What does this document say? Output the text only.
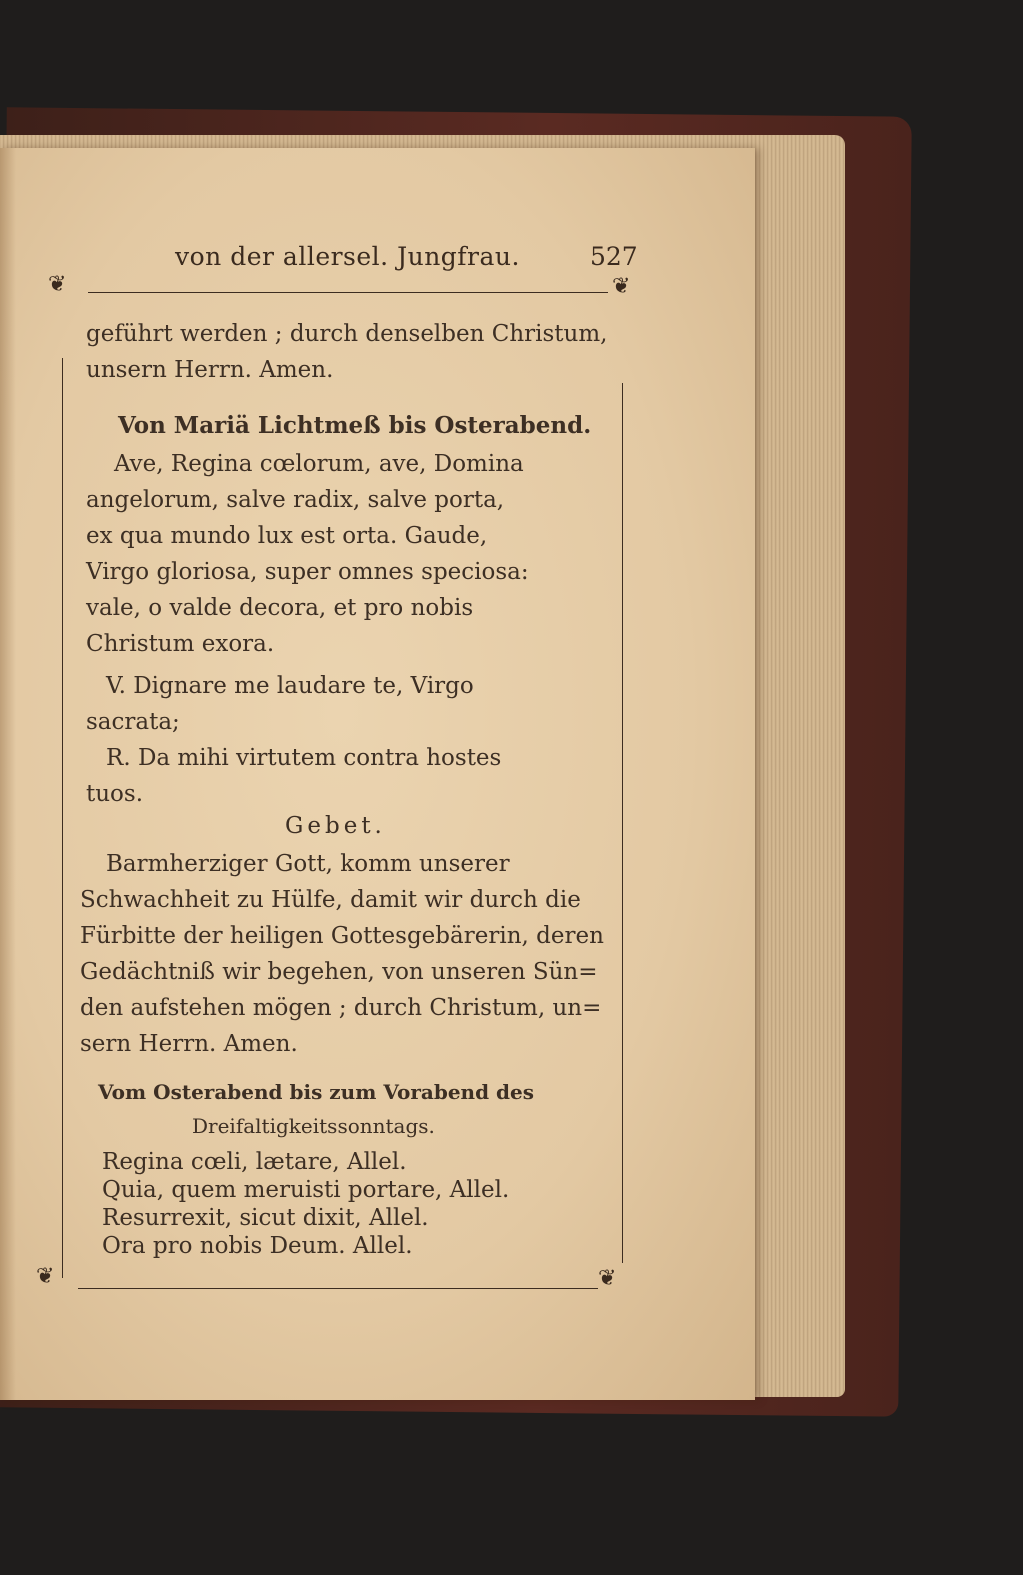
von der allersel. Jungfrau.	527
❦	❦
❦	❦
geführt werden ; durch denselben Christum,
unsern Herrn. Amen.
Von Mariä Lichtmeß bis Osterabend.
Ave, Regina cœlorum, ave, Domina
angelorum, salve radix, salve porta,
ex qua mundo lux est orta. Gaude,
Virgo gloriosa, super omnes speciosa:
vale, o valde decora, et pro nobis
Christum exora.
V. Dignare me laudare te, Virgo
sacrata;
R. Da mihi virtutem contra hostes
tuos.
Gebet.
Barmherziger Gott, komm unserer
Schwachheit zu Hülfe, damit wir durch die
Fürbitte der heiligen Gottesgebärerin, deren
Gedächtniß wir begehen, von unseren Sün=
den aufstehen mögen ; durch Christum, un=
sern Herrn. Amen.
Vom Osterabend bis zum Vorabend des
Dreifaltigkeitssonntags.
Regina cœli, lætare, Allel.
Quia, quem meruisti portare, Allel.
Resurrexit, sicut dixit, Allel.
Ora pro nobis Deum. Allel.
